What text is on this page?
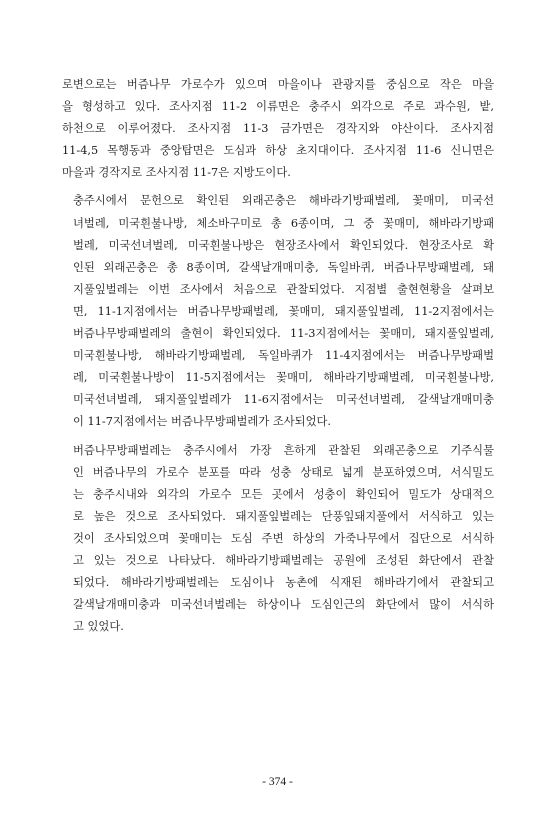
로변으로는 버즘나무 가로수가 있으며 마을이나 관광지를 중심으로 작은 마을
을 형성하고 있다. 조사지점 11-2 이류면은 충주시 외각으로 주로 과수원, 밭,
하천으로 이루어졌다. 조사지점 11-3 금가면은 경작지와 야산이다. 조사지점
11-4,5 목행동과 중앙탑면은 도심과 하상 초지대이다. 조사지점 11-6 신니면은
마을과 경작지로 조사지점 11-7은 지방도이다.
충주시에서 문헌으로 확인된 외래곤충은 해바라기방패벌레, 꽃매미, 미국선
녀벌레, 미국흰불나방, 체소바구미로 총 6종이며, 그 중 꽃매미, 해바라기방패
벌레, 미국선녀벌레, 미국흰불나방은 현장조사에서 확인되었다. 현장조사로 확
인된 외래곤충은 총 8종이며, 갈색날개매미충, 독일바퀴, 버즘나무방패벌레, 돼
지풀잎벌레는 이번 조사에서 처음으로 관찰되었다. 지점별 출현현황을 살펴보
면, 11-1지점에서는 버즘나무방패벌레, 꽃매미, 돼지풀잎벌레, 11-2지점에서는
버즘나무방패벌레의 출현이 확인되었다. 11-3지점에서는 꽃매미, 돼지풀잎벌레,
미국흰불나방, 해바라기방패벌레, 독일바퀴가 11-4지점에서는 버즘나무방패벌
레, 미국흰불나방이 11-5지점에서는 꽃매미, 해바라기방패벌레, 미국흰불나방,
미국선녀벌레, 돼지풀잎벌레가 11-6지점에서는 미국선녀벌레, 갈색날개매미충
이 11-7지점에서는 버즘나무방패벌레가 조사되었다.
버즘나무방패벌레는 충주시에서 가장 흔하게 관찰된 외래곤충으로 기주식물
인 버즘나무의 가로수 분포를 따라 성충 상태로 넓게 분포하였으며, 서식밀도
는 충주시내와 외각의 가로수 모든 곳에서 성충이 확인되어 밀도가 상대적으
로 높은 것으로 조사되었다. 돼지풀잎벌레는 단풍잎돼지풀에서 서식하고 있는
것이 조사되었으며 꽃매미는 도심 주변 하상의 가죽나무에서 집단으로 서식하
고 있는 것으로 나타났다. 해바라기방패벌레는 공원에 조성된 화단에서 관찰
되었다. 해바라기방패벌레는 도심이나 농촌에 식재된 해바라기에서 관찰되고
갈색날개매미충과 미국선녀벌레는 하상이나 도심인근의 화단에서 많이 서식하
고 있었다.
- 374 -
